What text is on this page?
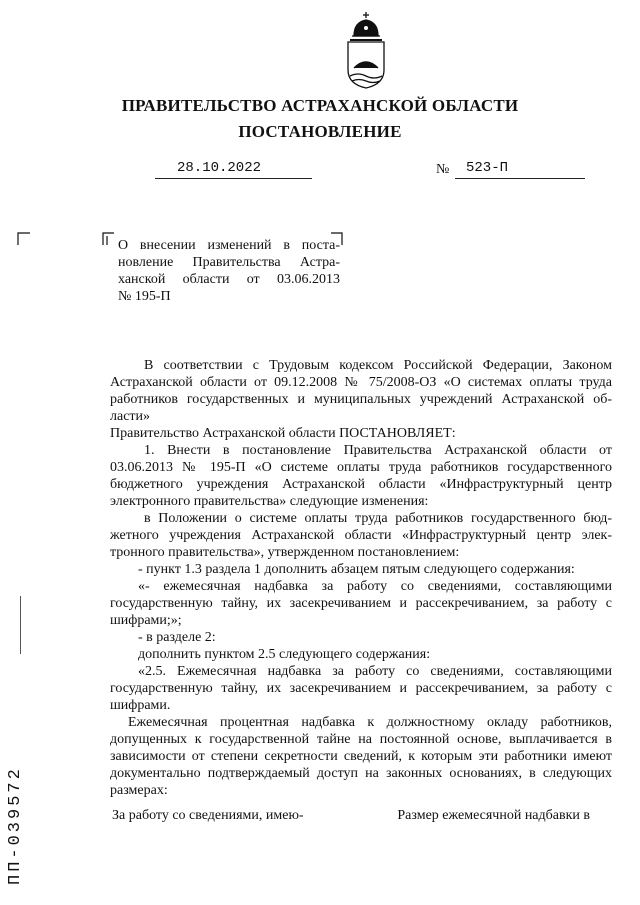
ПРАВИТЕЛЬСТВО АСТРАХАНСКОЙ ОБЛАСТИ
ПОСТАНОВЛЕНИЕ
28.10.2022	№ 523-П
О внесении изменений в поста-
новление Правительства Астра-
ханской области от 03.06.2013
№ 195-П

В соответствии с Трудовым кодексом Российской Федерации, Законом Астраханской области от 09.12.2008 № 75/2008-ОЗ «О системах оплаты труда работников государственных и муниципальных учреждений Астраханской об-ласти»

Правительство Астраханской области ПОСТАНОВЛЯЕТ:

1. Внести в постановление Правительства Астраханской области от 03.06.2013 № 195-П «О системе оплаты труда работников государственного бюджетного учреждения Астраханской области «Инфраструктурный центр электронного правительства» следующие изменения:

в Положении о системе оплаты труда работников государственного бюд-жетного учреждения Астраханской области «Инфраструктурный центр элек-тронного правительства», утвержденном постановлением:

- пункт 1.3 раздела 1 дополнить абзацем пятым следующего содержания:

«- ежемесячная надбавка за работу со сведениями, составляющими государственную тайну, их засекречиванием и рассекречиванием, за работу с шифрами;»;

- в разделе 2:

дополнить пунктом 2.5 следующего содержания:

«2.5. Ежемесячная надбавка за работу со сведениями, составляющими государственную тайну, их засекречиванием и рассекречиванием, за работу с шифрами.

Ежемесячная процентная надбавка к должностному окладу работников, допущенных к государственной тайне на постоянной основе, выплачивается в зависимости от степени секретности сведений, к которым эти работники имеют документально подтверждаемый доступ на законных основаниях, в следующих размерах:

За работу со сведениями, имею-	Размер ежемесячной надбавки в
ПП-039572
